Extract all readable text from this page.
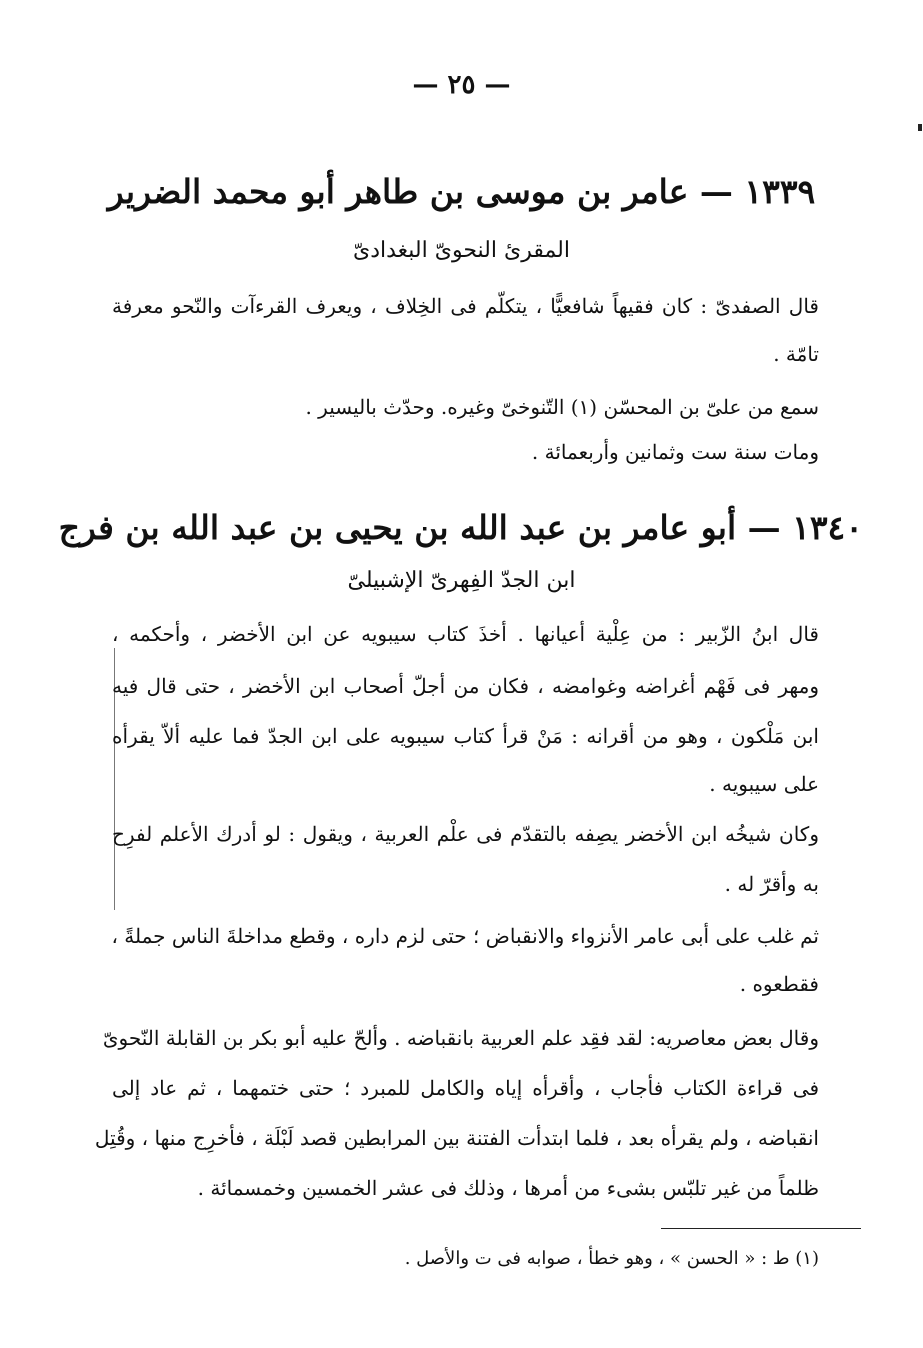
— ٢٥ —
١٣٣٩ — عامر بن موسى بن طاهر أبو محمد الضرير
المقرئ النحوىّ البغدادىّ
قال الصفدىّ : كان فقيهاً شافعيًّا ، يتكلّم فى الخِلاف ، ويعرف القرءآت والنّحو معرفة
تامّة .
سمع من علىّ بن المحسّن (١) التّنوخىّ وغيره. وحدّث باليسير .
ومات سنة ست وثمانين وأربعمائة .
١٣٤٠ — أبو عامر بن عبد الله بن يحيى بن عبد الله بن فرج
ابن الجدّ الفِهرىّ الإشبيلىّ
قال ابنُ الزّبير : من عِلْية أعيانها . أخذَ كتاب سيبويه عن ابن الأخضر ، وأحكمه ،
ومهر فى فَهْم أغراضه وغوامضه ، فكان من أجلّ أصحاب ابن الأخضر ، حتى قال فيه
ابن مَلْكون ، وهو من أقرانه : مَنْ قرأ كتاب سيبويه على ابن الجدّ فما عليه ألاّ يقرأه
على سيبويه .
وكان شيخُه ابن الأخضر يصِفه بالتقدّم فى علْم العربية ، ويقول : لو أدرك الأعلم لفرِح
به وأقرّ له .
ثم غلب على أبى عامر الأنزواء والانقباض ؛ حتى لزم داره ، وقطع مداخلةَ الناس جملةً ،
فقطعوه .
وقال بعض معاصريه: لقد فقِد علم العربية بانقباضه . وألحّ عليه أبو بكر بن القابلة النّحوىّ
فى قراءة الكتاب فأجاب ، وأقرأه إياه والكامل للمبرد ؛ حتى ختمهما ، ثم عاد إلى
انقباضه ، ولم يقرأه بعد ، فلما ابتدأت الفتنة بين المرابطين قصد لَبْلَة ، فأخرِج منها ، وقُتِل
ظلماً من غير تلبّس بشىء من أمرها ، وذلك فى عشر الخمسين وخمسمائة .
(١) ط : « الحسن » ، وهو خطأ ، صوابه فى ت والأصل .
